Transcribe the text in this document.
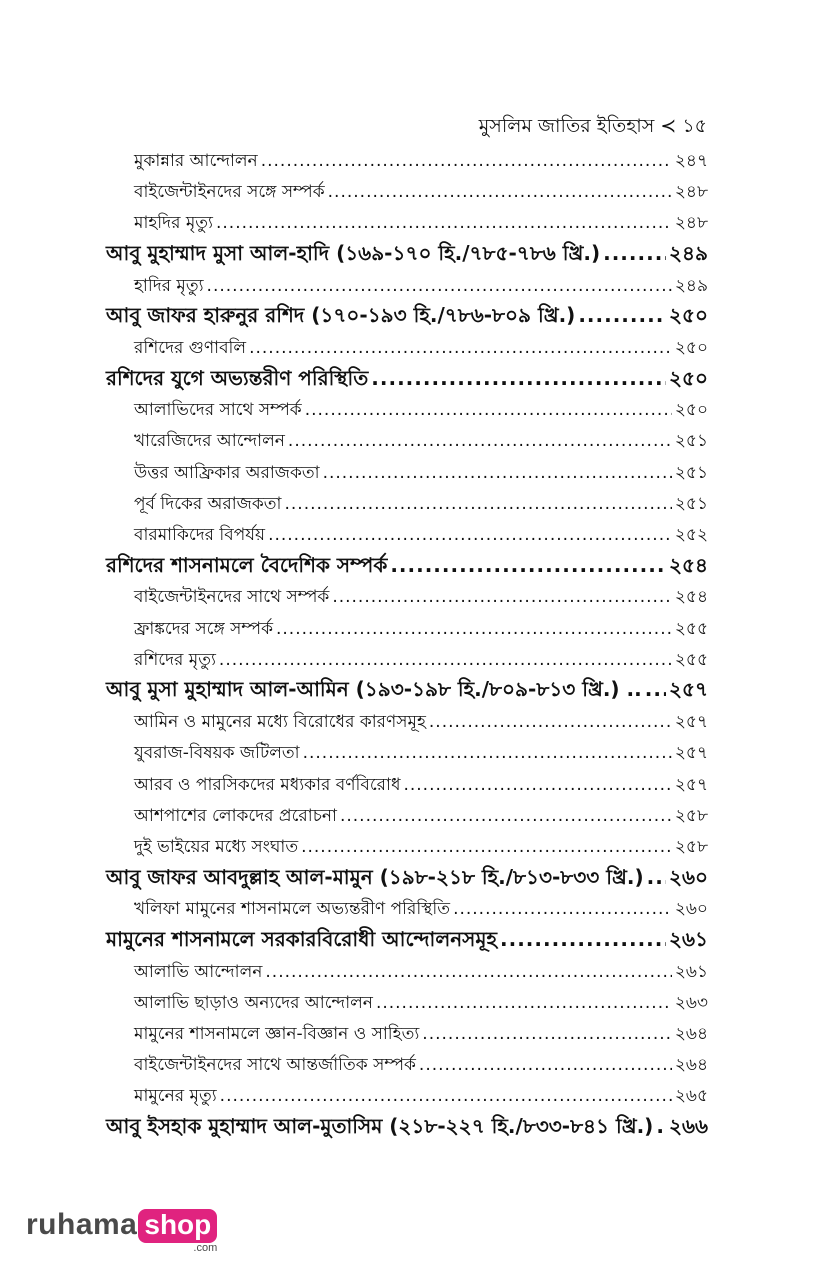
মুসলিম জাতির ইতিহাস ≺ ১৫
মুকান্নার আন্দোলন .....	২৪৭
বাইজেন্টাইনদের সঙ্গে সম্পর্ক .....	২৪৮
মাহদির মৃত্যু .....	২৪৮
আবু মুহাম্মাদ মুসা আল-হাদি (১৬৯-১৭০ হি./৭৮৫-৭৮৬ খ্রি.) .....	২৪৯
হাদির মৃত্যু .....	২৪৯
আবু জাফর হারুনুর রশিদ (১৭০-১৯৩ হি./৭৮৬-৮০৯ খ্রি.) .....	২৫০
রশিদের গুণাবলি .....	২৫০
রশিদের যুগে অভ্যন্তরীণ পরিস্থিতি .....	২৫০
আলাভিদের সাথে সম্পর্ক .....	২৫০
খারেজিদের আন্দোলন .....	২৫১
উত্তর আফ্রিকার অরাজকতা .....	২৫১
পূর্ব দিকের অরাজকতা .....	২৫১
বারমাকিদের বিপর্যয় .....	২৫২
রশিদের শাসনামলে বৈদেশিক সম্পর্ক .....	২৫৪
বাইজেন্টাইনদের সাথে সম্পর্ক .....	২৫৪
ফ্রাঙ্কদের সঙ্গে সম্পর্ক .....	২৫৫
রশিদের মৃত্যু .....	২৫৫
আবু মুসা মুহাম্মাদ আল-আমিন (১৯৩-১৯৮ হি./৮০৯-৮১৩ খ্রি.) .. ..... ২৫৭
আমিন ও মামুনের মধ্যে বিরোধের কারণসমূহ .....	২৫৭
যুবরাজ-বিষয়ক জটিলতা .....	২৫৭
আরব ও পারসিকদের মধ্যকার বর্ণবিরোধ .....	২৫৭
আশপাশের লোকদের প্ররোচনা .....	২৫৮
দুই ভাইয়ের মধ্যে সংঘাত .....	২৫৮
আবু জাফর আবদুল্লাহ আল-মামুন (১৯৮-২১৮ হি./৮১৩-৮৩৩ খ্রি.) ..... ২৬০
খলিফা মামুনের শাসনামলে অভ্যন্তরীণ পরিস্থিতি .....	২৬০
মামুনের শাসনামলে সরকারবিরোধী আন্দোলনসমূহ .....	২৬১
আলাভি আন্দোলন .....	২৬১
আলাভি ছাড়াও অন্যদের আন্দোলন .....	২৬৩
মামুনের শাসনামলে জ্ঞান-বিজ্ঞান ও সাহিত্য .....	২৬৪
বাইজেন্টাইনদের সাথে আন্তর্জাতিক সম্পর্ক .....	২৬৪
মামুনের মৃত্যু .....	২৬৫
আবু ইসহাক মুহাম্মাদ আল-মুতাসিম (২১৮-২২৭ হি./৮৩৩-৮৪১ খ্রি.) ..... ২৬৬
ruhama shop
.com
